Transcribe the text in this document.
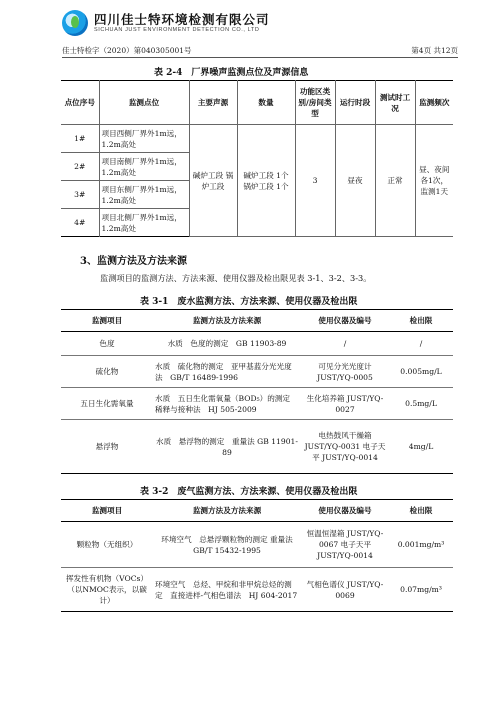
四川佳士特环境检测有限公司
SICHUAN JUST ENVIRONMENT DETECTION CO., LTD
佳士特检字（2020）第040305001号	第4页 共12页
表 2-4　厂界噪声监测点位及声源信息
点位序号	监测点位	主要声源	数量	功能区类别/房间类型	运行时段	测试时工况	监测频次
1#	项目西侧厂界外1m远，1.2m高处	碱炉工段 锅炉工段	碱炉工段 1个 锅炉工段 1个	3	昼夜	正常	昼、夜间各1次，监测1天
2#	项目南侧厂界外1m远，1.2m高处						
3#	项目东侧厂界外1m远，1.2m高处						
4#	项目北侧厂界外1m远，1.2m高处						
3、监测方法及方法来源
监测项目的监测方法、方法来源、使用仪器及检出限见表 3-1、3-2、3-3。
表 3-1　废水监测方法、方法来源、使用仪器及检出限
监测项目	监测方法及方法来源	使用仪器及编号	检出限
色度	水质　色度的测定　GB 11903-89	/	/
硫化物	水质　硫化物的测定　亚甲基蓝分光光度法　GB/T 16489-1996	可见分光光度计 JUST/YQ-0005	0.005mg/L
五日生化需氧量	水质　五日生化需氧量（BOD₅）的测定　稀释与接种法　HJ 505-2009	生化培养箱 JUST/YQ-0027	0.5mg/L
悬浮物	水质　悬浮物的测定　重量法 GB 11901-89	电热鼓风干燥箱 JUST/YQ-0031 电子天平 JUST/YQ-0014	4mg/L
表 3-2　废气监测方法、方法来源、使用仪器及检出限
监测项目	监测方法及方法来源	使用仪器及编号	检出限
颗粒物（无组织）	环境空气　总悬浮颗粒物的测定 重量法　GB/T 15432-1995	恒温恒湿箱 JUST/YQ-0067 电子天平 JUST/YQ-0014	0.001mg/m³
挥发性有机物（VOCs）（以NMOC表示，以碳计）	环境空气　总烃、甲烷和非甲烷总烃的测定　直接进样-气相色谱法　HJ 604-2017	气相色谱仪 JUST/YQ-0069	0.07mg/m³
